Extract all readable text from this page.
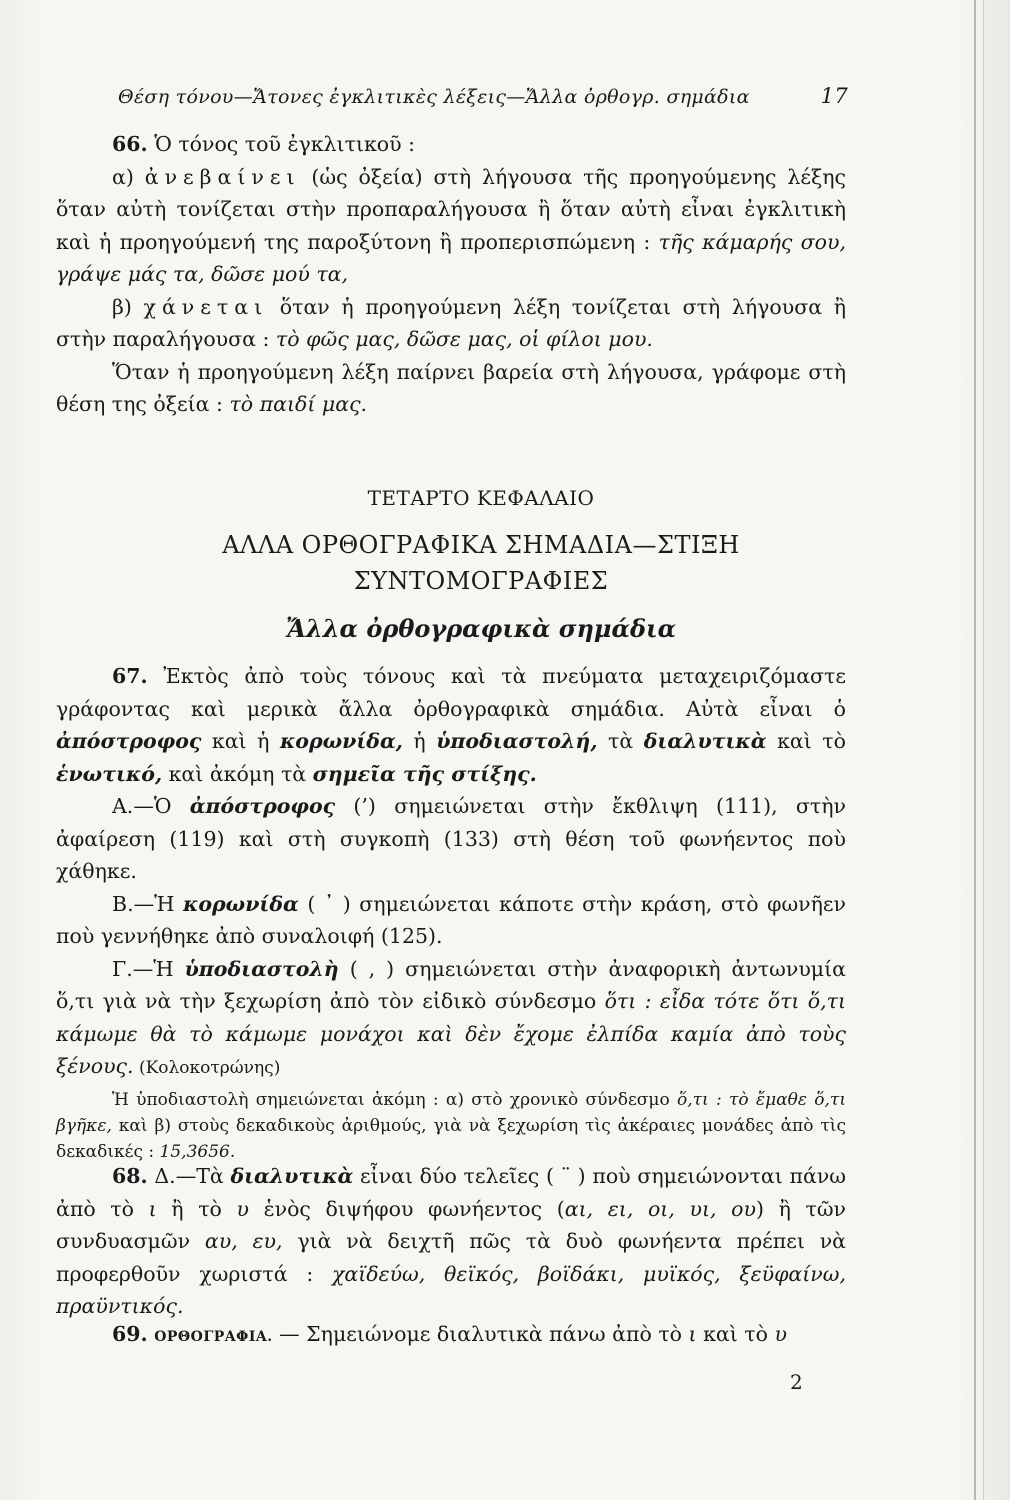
Θέση τόνου—Ἄτονες ἐγκλιτικὲς λέξεις—Ἄλλα ὀρθογρ. σημάδια	17

66. Ὁ τόνος τοῦ ἐγκλιτικοῦ :

α) ἀνεβαίνει (ὡς ὀξεία) στὴ λήγουσα τῆς προηγούμενης λέξης ὅταν αὐτὴ τονίζεται στὴν προπαραλήγουσα ἢ ὅταν αὐτὴ εἶναι ἐγκλιτικὴ καὶ ἡ προηγούμενή της παροξύτονη ἢ προπερισπώμενη : τῆς κάμαρής σου, γράψε μάς τα, δῶσε μού τα,

β) χάνεται ὅταν ἡ προηγούμενη λέξη τονίζεται στὴ λήγουσα ἢ στὴν παραλήγουσα : τὸ φῶς μας, δῶσε μας, οἱ φίλοι μου.

Ὅταν ἡ προηγούμενη λέξη παίρνει βαρεία στὴ λήγουσα, γράφομε στὴ θέση της ὀξεία : τὸ παιδί μας.

ΤΕΤΑΡΤΟ ΚΕΦΑΛΑΙΟ
ΑΛΛΑ ΟΡΘΟΓΡΑΦΙΚΑ ΣΗΜΑΔΙΑ—ΣΤΙΞΗ
ΣΥΝΤΟΜΟΓΡΑΦΙΕΣ
Ἄλλα ὀρθογραφικὰ σημάδια

67. Ἐκτὸς ἀπὸ τοὺς τόνους καὶ τὰ πνεύματα μεταχειριζόμαστε γράφοντας καὶ μερικὰ ἄλλα ὀρθογραφικὰ σημάδια. Αὐτὰ εἶναι ὁ ἀπόστροφος καὶ ἡ κορωνίδα, ἡ ὑποδιαστολή, τὰ διαλυτικὰ καὶ τὸ ἑνωτικό, καὶ ἀκόμη τὰ σημεῖα τῆς στίξης.

Α.—Ὁ ἀπόστροφος (’) σημειώνεται στὴν ἔκθλιψη (111), στὴν ἀφαίρεση (119) καὶ στὴ συγκοπὴ (133) στὴ θέση τοῦ φωνήεντος ποὺ χάθηκε.

Β.—Ἡ κορωνίδα ( ᾿ ) σημειώνεται κάποτε στὴν κράση, στὸ φωνῆεν ποὺ γεννήθηκε ἀπὸ συναλοιφή (125).

Γ.—Ἡ ὑποδιαστολὴ ( , ) σημειώνεται στὴν ἀναφορικὴ ἀντωνυμία ὅ,τι γιὰ νὰ τὴν ξεχωρίση ἀπὸ τὸν εἰδικὸ σύνδεσμο ὅτι : εἶδα τότε ὅτι ὅ,τι κάμωμε θὰ τὸ κάμωμε μονάχοι καὶ δὲν ἔχομε ἐλπίδα καμία ἀπὸ τοὺς ξένους. (Κολοκοτρώνης)

Ἡ ὑποδιαστολὴ σημειώνεται ἀκόμη : α) στὸ χρονικὸ σύνδεσμο ὅ,τι : τὸ ἔμαθε ὅ,τι βγῆκε, καὶ β) στοὺς δεκαδικοὺς ἀριθμούς, γιὰ νὰ ξεχωρίση τὶς ἀκέραιες μονάδες ἀπὸ τὶς δεκαδικές : 15,3656.

68. Δ.—Τὰ διαλυτικὰ εἶναι δύο τελεῖες ( ¨ ) ποὺ σημειώνονται πάνω ἀπὸ τὸ ι ἢ τὸ υ ἑνὸς διψήφου φωνήεντος (αι, ει, οι, υι, ου) ἢ τῶν συνδυασμῶν αυ, ευ, γιὰ νὰ δειχτῆ πῶς τὰ δυὸ φωνήεντα πρέπει νὰ προφερθοῦν χωριστά : χαϊδεύω, θεϊκός, βοϊδάκι, μυϊκός, ξεϋφαίνω, πραϋντικός.

69. ΟΡΘΟΓΡΑΦΙΑ. — Σημειώνομε διαλυτικὰ πάνω ἀπὸ τὸ ι καὶ τὸ υ

2
